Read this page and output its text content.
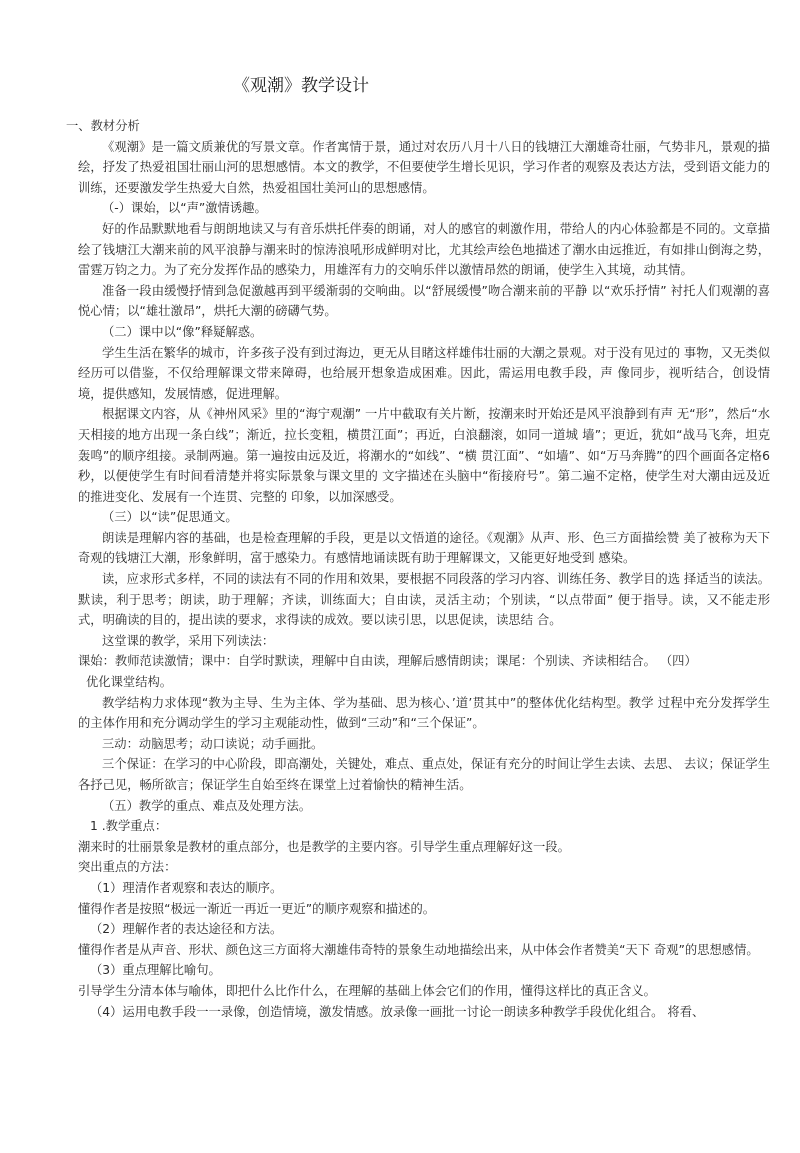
《观潮》教学设计

一、教材分析

《观潮》是一篇文质兼优的写景文章。作者寓情于景，通过对农历八月十八日的钱塘江大潮雄奇壮丽，气势非凡，景观的描绘，抒发了热爱祖国壮丽山河的思想感情。本文的教学，不但要使学生增长见识，学习作者的观察及表达方法，受到语文能力的训练，还要激发学生热爱大自然，热爱祖国壮美河山的思想感情。

（-）课始，以“声”激情诱趣。

好的作品默默地看与朗朗地读又与有音乐烘托伴奏的朗诵，对人的感官的刺激作用，带给人的内心体验都是不同的。文章描绘了钱塘江大潮来前的风平浪静与潮来时的惊涛浪吼形成鲜明对比，尤其绘声绘色地描述了潮水由远推近，有如排山倒海之势，雷霆万钧之力。为了充分发挥作品的感染力，用雄浑有力的交响乐伴以激情昂然的朗诵，使学生入其境，动其情。

准备一段由缓慢抒情到急促激越再到平缓渐弱的交响曲。以“舒展缓慢”吻合潮来前的平静 以“欢乐抒情” 衬托人们观潮的喜悦心情；以“雄壮激昂”，烘托大潮的磅礴气势。

（二）课中以“像”释疑解惑。

学生生活在繁华的城市，许多孩子没有到过海边，更无从目睹这样雄伟壮丽的大潮之景观。对于没有见过的 事物，又无类似经历可以借鉴，不仅给理解课文带来障碍，也给展开想象造成困难。因此，需运用电教手段，声 像同步，视听结合，创设情境，提供感知，发展情感，促进理解。

根据课文内容，从《神州风采》里的“海宁观潮” 一片中截取有关片断，按潮来时开始还是风平浪静到有声 无“形”，然后“水天相接的地方出现一条白线”；渐近，拉长变粗，横贯江面”；再近，白浪翻滚，如同一道城 墙”；更近，犹如“战马飞奔，坦克轰鸣”的顺序组接。录制两遍。第一遍按由远及近，将潮水的“如线”、“横 贯江面”、“如墙”、如“万马奔腾”的四个画面各定格6秒，以便使学生有时间看清楚并将实际景象与课文里的 文字描述在头脑中“衔接府号”。第二遍不定格，使学生对大潮由远及近的推进变化、发展有一个连贯、完整的 印象，以加深感受。

（三）以“读”促思通文。

朗读是理解内容的基础，也是检查理解的手段，更是以文悟道的途径。《观潮》从声、形、色三方面描绘赞 美了被称为天下奇观的钱塘江大潮，形象鲜明，富于感染力。有感情地诵读既有助于理解课文，又能更好地受到 感染。

读，应求形式多样，不同的读法有不同的作用和效果，要根据不同段落的学习内容、训练任务、教学目的选 择适当的读法。默读，利于思考；朗读，助于理解；齐读，训练面大；自由读，灵活主动；个别读，“以点带面” 便于指导。读，又不能走形式，明确读的目的，提出读的要求，求得读的成效。要以读引思，以思促读，读思结 合。

这堂课的教学，采用下列读法：

课始：教师范读激情；课中：自学时默读，理解中自由读，理解后感情朗读；课尾：个别读、齐读相结合。 （四）

优化课堂结构。

教学结构力求体现“教为主导、生为主体、学为基础、思为核心、’道’贯其中”的整体优化结构型。教学 过程中充分发挥学生的主体作用和充分调动学生的学习主观能动性，做到“三动”和“三个保证”。

三动：动脑思考；动口读说；动手画批。

三个保证：在学习的中心阶段，即高潮处，关键处，难点、重点处，保证有充分的时间让学生去读、去思、 去议；保证学生各抒己见，畅所欲言；保证学生自始至终在课堂上过着愉快的精神生活。

（五）教学的重点、难点及处理方法。

1 .教学重点：

潮来时的壮丽景象是教材的重点部分，也是教学的主要内容。引导学生重点理解好这一段。

突出重点的方法：

（1）理清作者观察和表达的顺序。

懂得作者是按照“极远一渐近一再近一更近”的顺序观察和描述的。

（2）理解作者的表达途径和方法。

懂得作者是从声音、形状、颜色这三方面将大潮雄伟奇特的景象生动地描绘出来，从中体会作者赞美“天下 奇观”的思想感情。

（3）重点理解比喻句。

引导学生分清本体与喻体，即把什么比作什么，在理解的基础上体会它们的作用，懂得这样比的真正含义。

（4）运用电教手段一一录像，创造情境，激发情感。放录像一画批一讨论一朗读多种教学手段优化组合。 将看、
